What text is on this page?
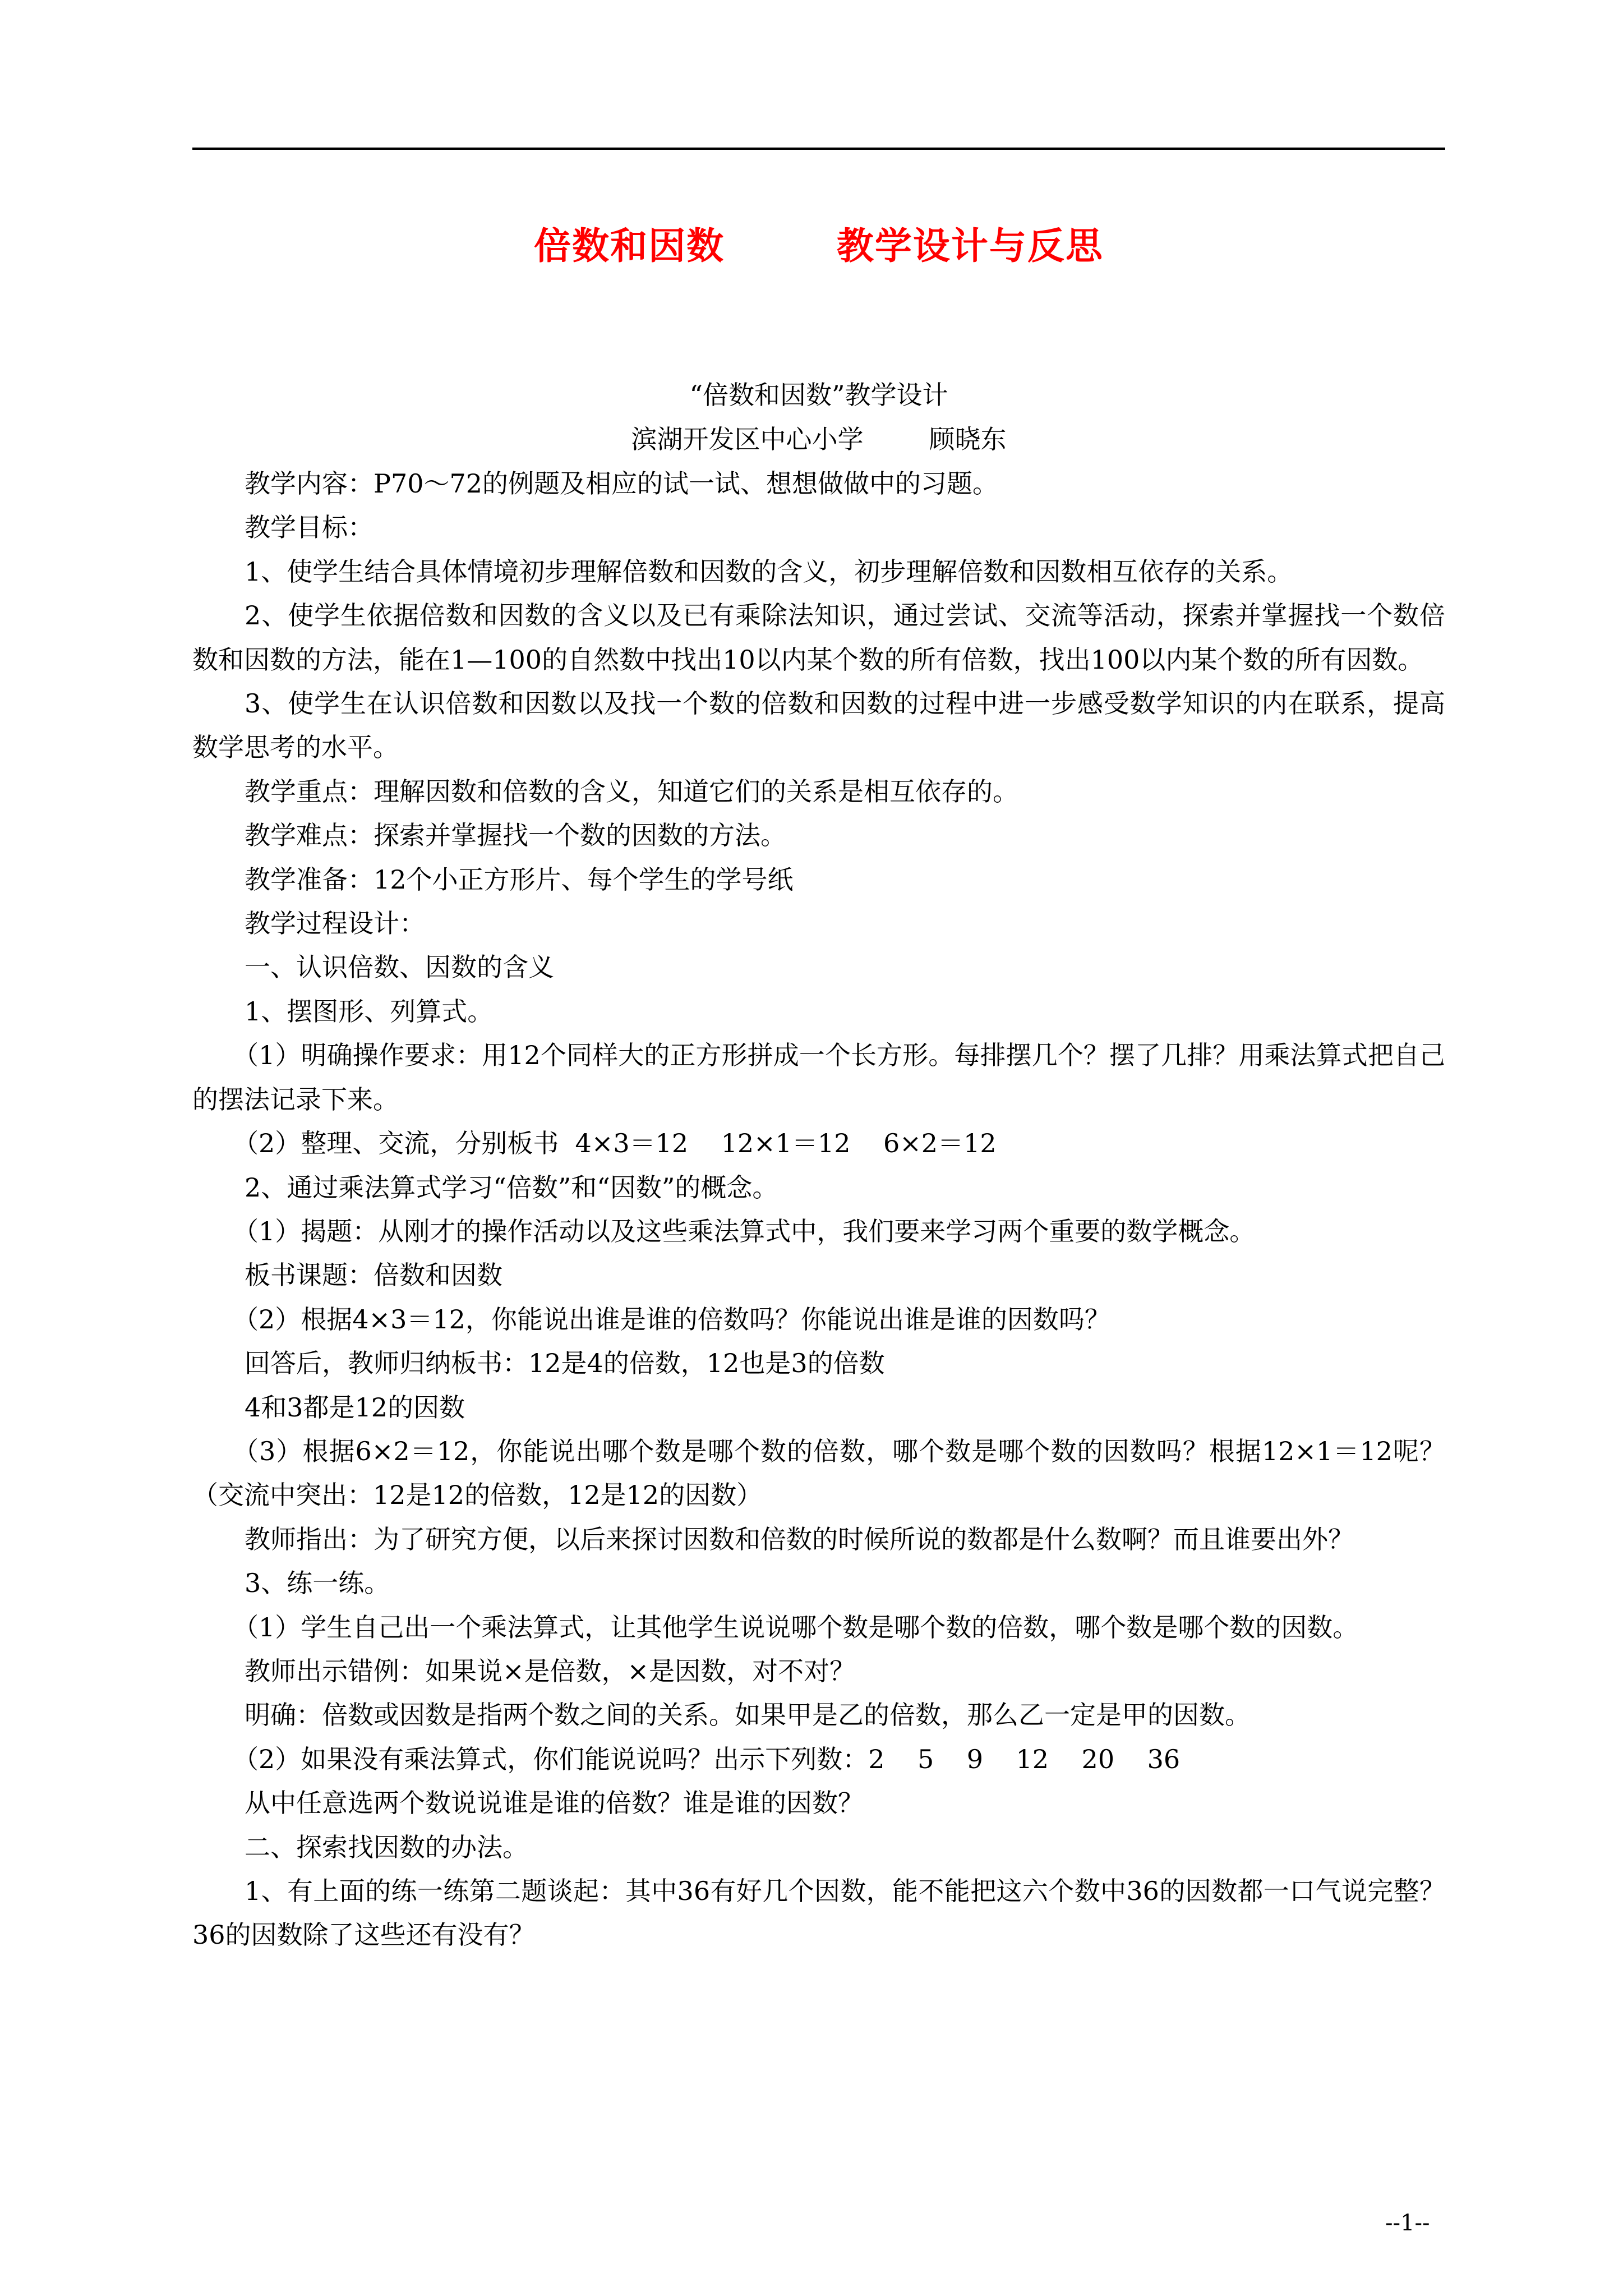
倍数和因数        教学设计与反思
“倍数和因数”教学设计
滨湖开发区中心小学        顾晓东

教学内容：P70～72的例题及相应的试一试、想想做做中的习题。

教学目标：

1、使学生结合具体情境初步理解倍数和因数的含义，初步理解倍数和因数相互依存的关系。

2、使学生依据倍数和因数的含义以及已有乘除法知识，通过尝试、交流等活动，探索并掌握找一个数倍数和因数的方法，能在1—100的自然数中找出10以内某个数的所有倍数，找出100以内某个数的所有因数。

3、使学生在认识倍数和因数以及找一个数的倍数和因数的过程中进一步感受数学知识的内在联系，提高数学思考的水平。

教学重点：理解因数和倍数的含义，知道它们的关系是相互依存的。

教学难点：探索并掌握找一个数的因数的方法。

教学准备：12个小正方形片、每个学生的学号纸

教学过程设计：

一、认识倍数、因数的含义

1、摆图形、列算式。

（1）明确操作要求：用12个同样大的正方形拼成一个长方形。每排摆几个？摆了几排？用乘法算式把自己的摆法记录下来。

（2）整理、交流，分别板书  4×3＝12    12×1＝12    6×2＝12

2、通过乘法算式学习“倍数”和“因数”的概念。

（1）揭题：从刚才的操作活动以及这些乘法算式中，我们要来学习两个重要的数学概念。

板书课题：倍数和因数

（2）根据4×3＝12，你能说出谁是谁的倍数吗？你能说出谁是谁的因数吗？

回答后，教师归纳板书：12是4的倍数，12也是3的倍数

4和3都是12的因数

（3）根据6×2＝12，你能说出哪个数是哪个数的倍数，哪个数是哪个数的因数吗？根据12×1＝12呢？（交流中突出：12是12的倍数，12是12的因数）

教师指出：为了研究方便，以后来探讨因数和倍数的时候所说的数都是什么数啊？而且谁要出外？

3、练一练。

（1）学生自己出一个乘法算式，让其他学生说说哪个数是哪个数的倍数，哪个数是哪个数的因数。

教师出示错例：如果说×是倍数，×是因数，对不对？

明确：倍数或因数是指两个数之间的关系。如果甲是乙的倍数，那么乙一定是甲的因数。

（2）如果没有乘法算式，你们能说说吗？出示下列数：2    5    9    12    20    36

从中任意选两个数说说谁是谁的倍数？谁是谁的因数？

二、探索找因数的办法。

1、有上面的练一练第二题谈起：其中36有好几个因数，能不能把这六个数中36的因数都一口气说完整？36的因数除了这些还有没有？

--1--
